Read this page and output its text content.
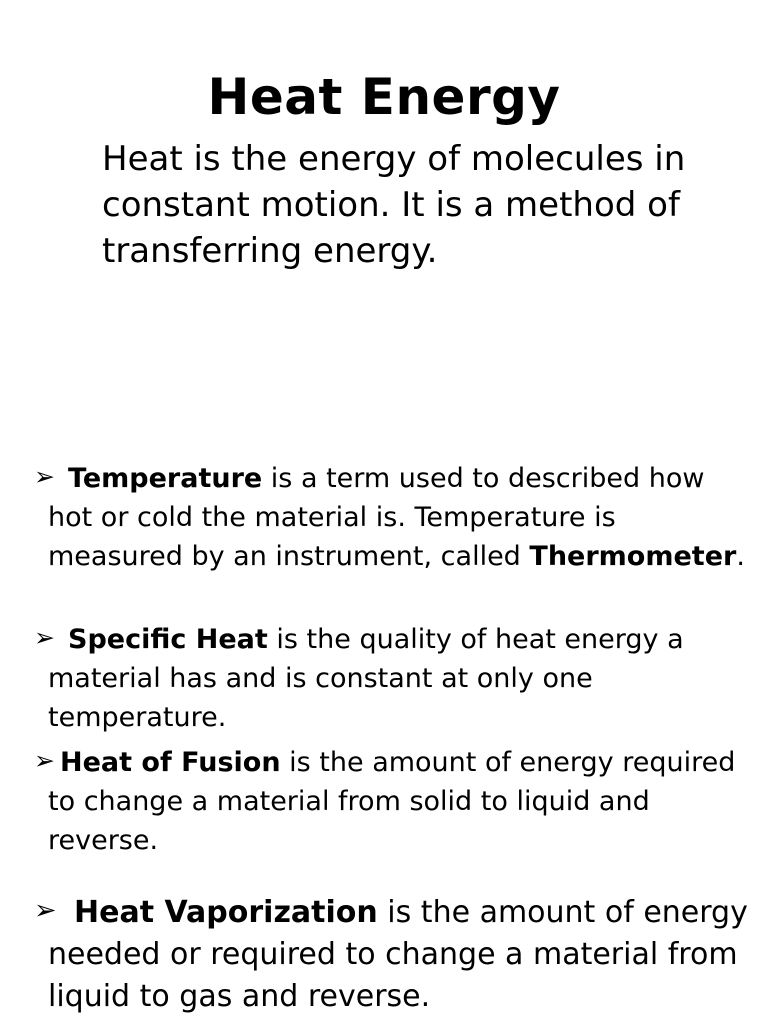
Heat Energy
Heat is the energy of molecules in constant motion. It is a method of transferring energy.
➢ Temperature is a term used to described how hot or cold the material is. Temperature is measured by an instrument, called Thermometer.
➢ Specific Heat is the quality of heat energy a material has and is constant at only one temperature.
➢ Heat of Fusion is the amount of energy required to change a material from solid to liquid and reverse.
➢ Heat Vaporization is the amount of energy needed or required to change a material from liquid to gas and reverse.
